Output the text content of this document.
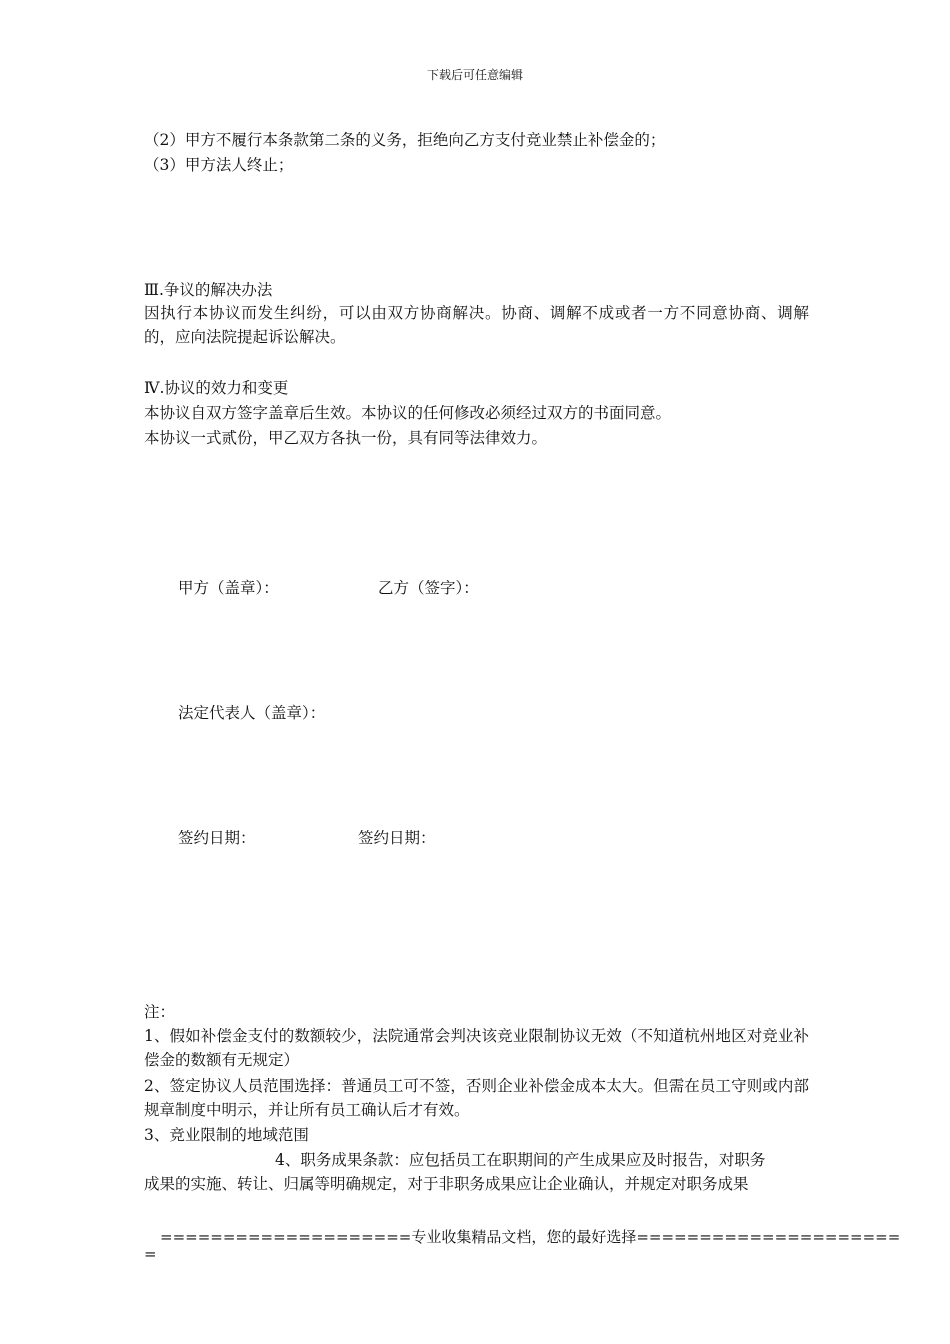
下载后可任意编辑
（2）甲方不履行本条款第二条的义务，拒绝向乙方支付竞业禁止补偿金的；
（3）甲方法人终止；
Ⅲ.争议的解决办法
因执行本协议而发生纠纷，可以由双方协商解决。协商、调解不成或者一方不同意协商、调解的，应向法院提起诉讼解决。
Ⅳ.协议的效力和变更
本协议自双方签字盖章后生效。本协议的任何修改必须经过双方的书面同意。
本协议一式贰份，甲乙双方各执一份，具有同等法律效力。
甲方（盖章）：	乙方（签字）：
法定代表人（盖章）：
签约日期：	签约日期：
注：
1、假如补偿金支付的数额较少，法院通常会判决该竞业限制协议无效（不知道杭州地区对竞业补偿金的数额有无规定）
2、签定协议人员范围选择：普通员工可不签，否则企业补偿金成本太大。但需在员工守则或内部规章制度中明示，并让所有员工确认后才有效。
3、竞业限制的地域范围
4、职务成果条款：应包括员工在职期间的产生成果应及时报告，对职务
成果的实施、转让、归属等明确规定，对于非职务成果应让企业确认，并规定对职务成果
====================专业收集精品文档，您的最好选择=====================
=
